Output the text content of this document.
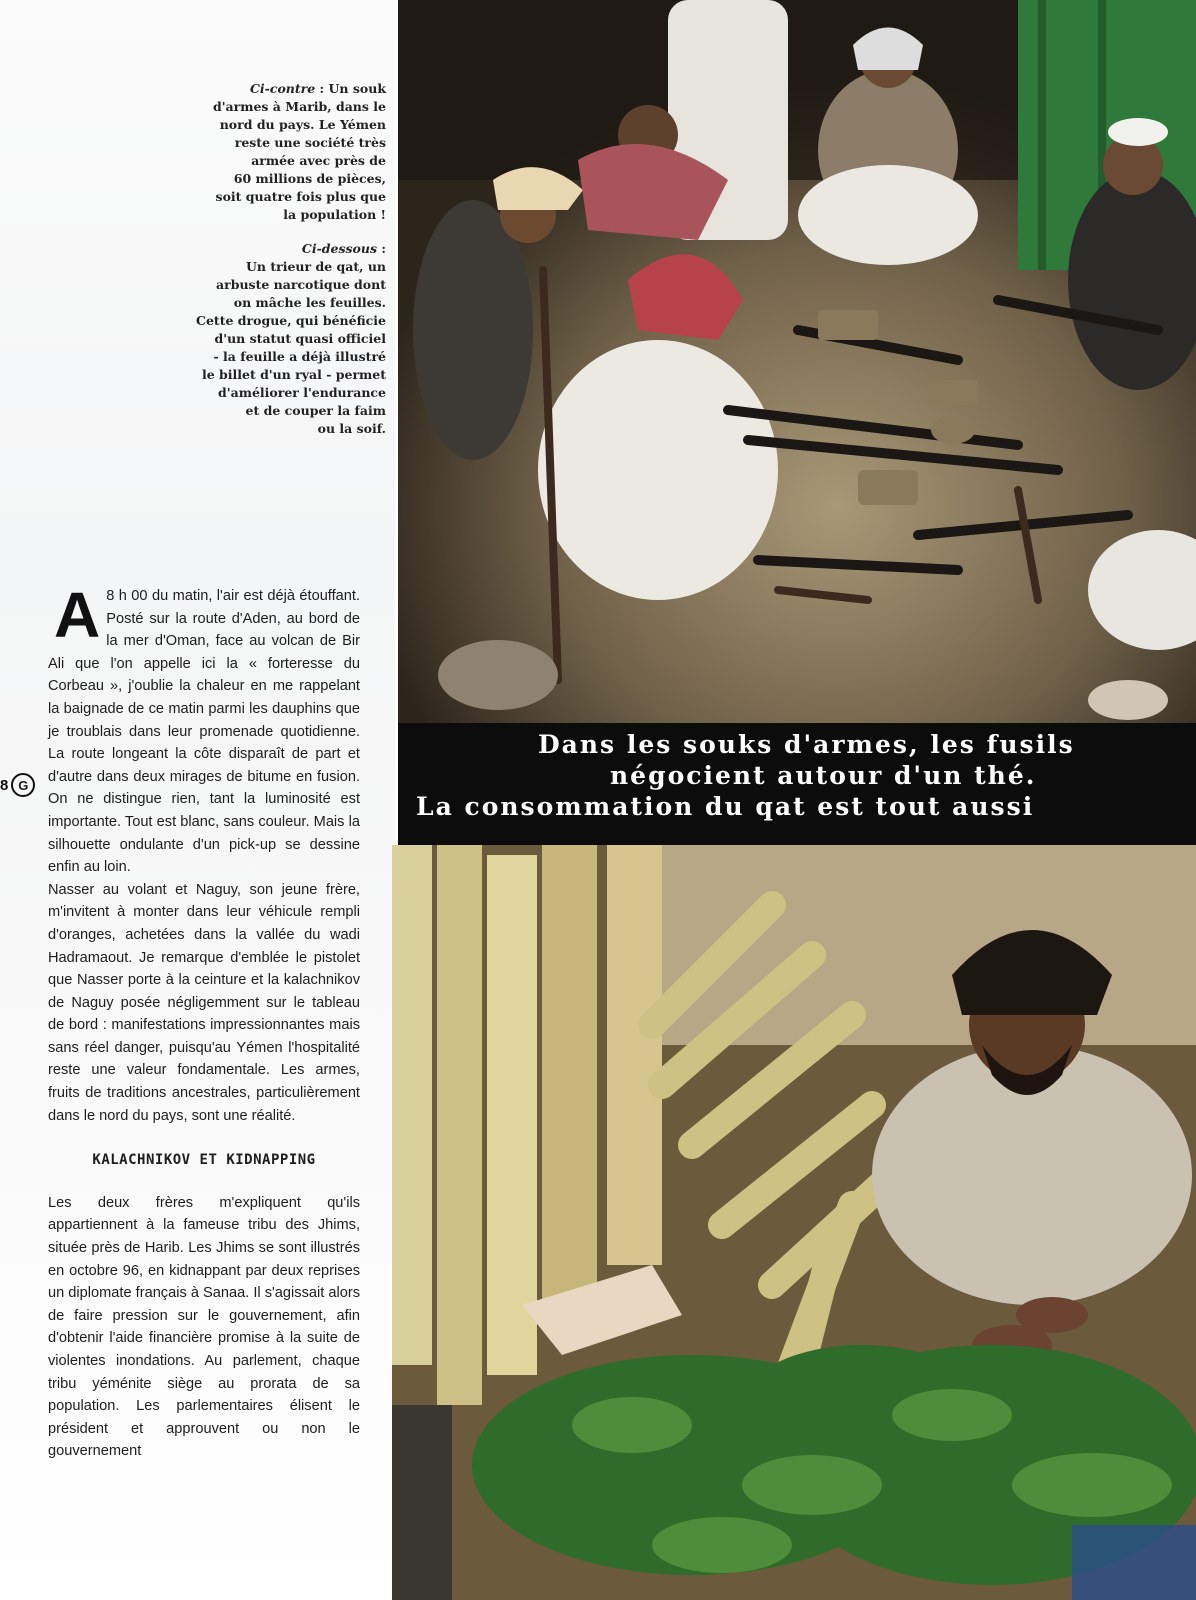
Ci-contre : Un souk
d'armes à Marib, dans le
nord du pays. Le Yémen
reste une société très
armée avec près de
60 millions de pièces,
soit quatre fois plus que
la population !

Ci-dessous :
Un trieur de qat, un
arbuste narcotique dont
on mâche les feuilles.
Cette drogue, qui bénéficie
d'un statut quasi officiel
- la feuille a déjà illustré
le billet d'un ryal - permet
d'améliorer l'endurance
et de couper la faim
ou la soif.

8 G

A 8 h 00 du matin, l'air est déjà étouffant. Posté sur la route d'Aden, au bord de la mer d'Oman, face au volcan de Bir Ali que l'on appelle ici la « forteresse du Corbeau », j'oublie la chaleur en me rappelant la baignade de ce matin parmi les dauphins que je troublais dans leur promenade quotidienne. La route longeant la côte disparaît de part et d'autre dans deux mirages de bitume en fusion. On ne distingue rien, tant la luminosité est importante. Tout est blanc, sans couleur. Mais la silhouette ondulante d'un pick-up se dessine enfin au loin.

Nasser au volant et Naguy, son jeune frère, m'invitent à monter dans leur véhicule rempli d'oranges, achetées dans la vallée du wadi Hadramaout. Je remarque d'emblée le pistolet que Nasser porte à la ceinture et la kalachnikov de Naguy posée négligemment sur le tableau de bord : manifestations impressionnantes mais sans réel danger, puisqu'au Yémen l'hospitalité reste une valeur fondamentale. Les armes, fruits de traditions ancestrales, particulièrement dans le nord du pays, sont une réalité.

KALACHNIKOV ET KIDNAPPING

Les deux frères m'expliquent qu'ils appartiennent à la fameuse tribu des Jhims, située près de Harib. Les Jhims se sont illustrés en octobre 96, en kidnappant par deux reprises un diplomate français à Sanaa. Il s'agissait alors de faire pression sur le gouvernement, afin d'obtenir l'aide financière promise à la suite de violentes inondations. Au parlement, chaque tribu yéménite siège au prorata de sa population. Les parlementaires élisent le président et approuvent ou non le gouvernement

Dans les souks d'armes, les fusils
négocient autour d'un thé.
La consommation du qat est tout aussi
